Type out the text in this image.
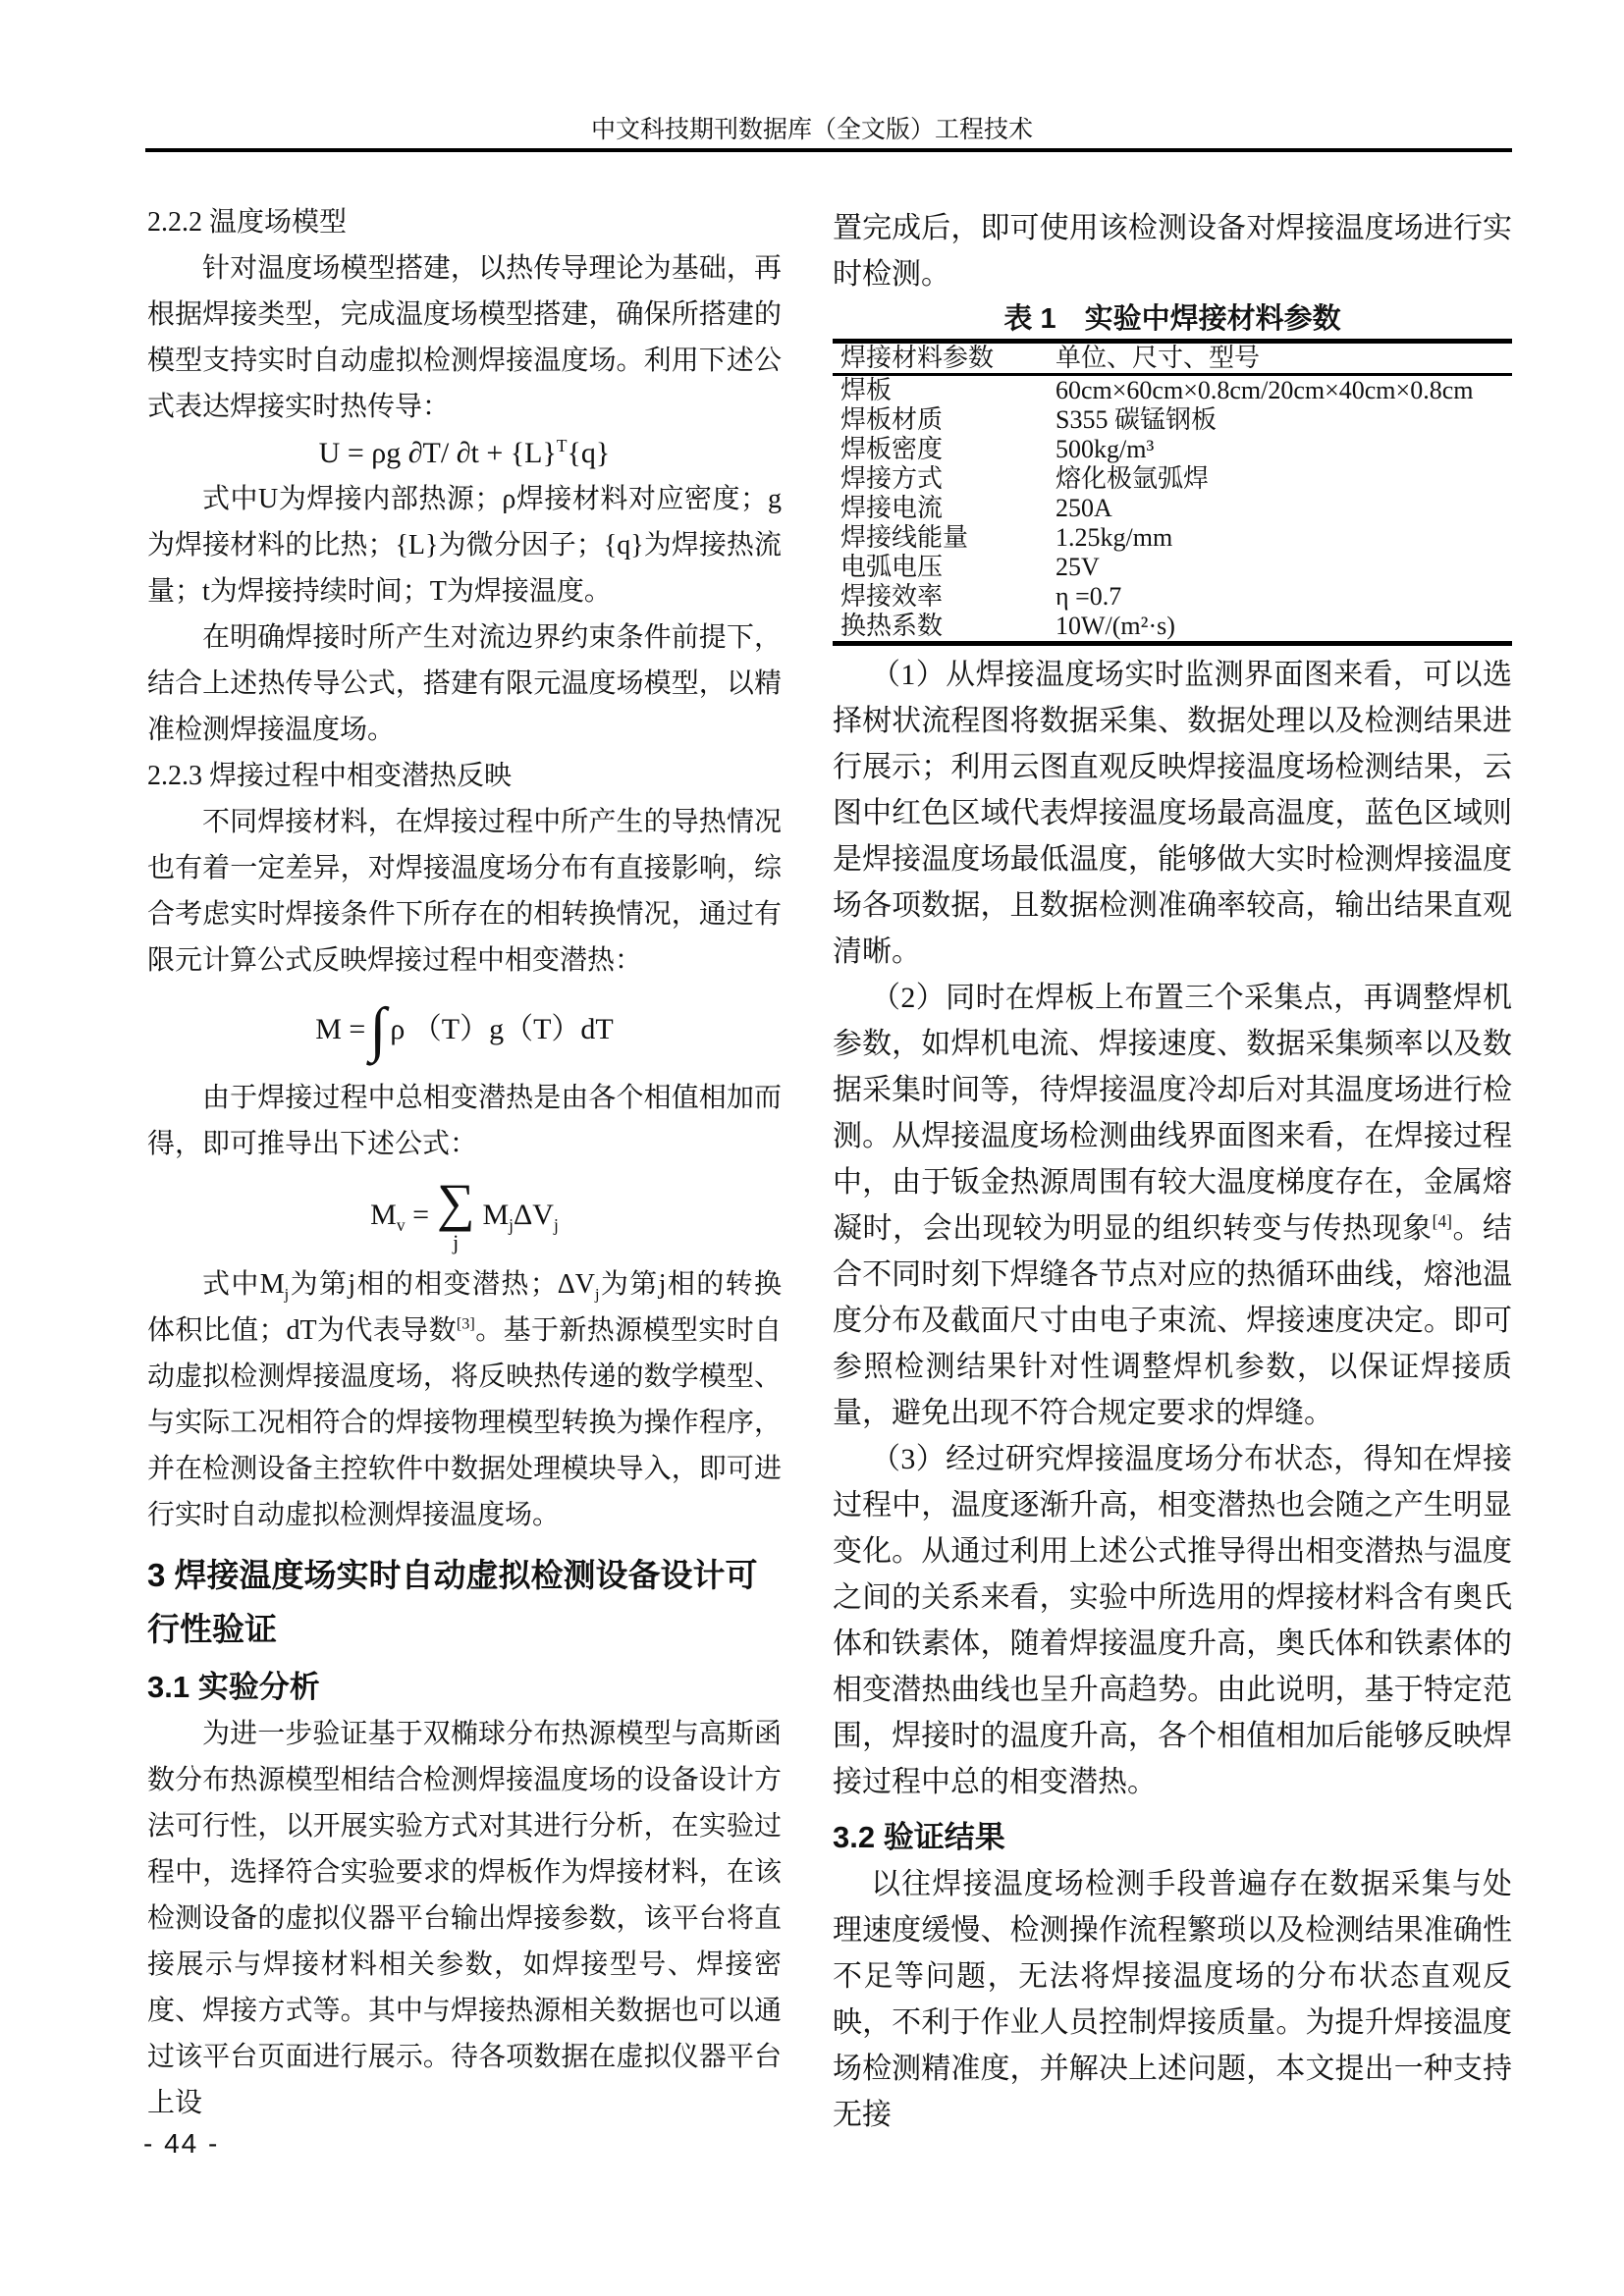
中文科技期刊数据库（全文版）工程技术
2.2.2 温度场模型

针对温度场模型搭建，以热传导理论为基础，再根据焊接类型，完成温度场模型搭建，确保所搭建的模型支持实时自动虚拟检测焊接温度场。利用下述公式表达焊接实时热传导：

U = ρg ∂T/ $\partial t + \{L\}^T\{q\}$

式中U为焊接内部热源；ρ焊接材料对应密度；g为焊接材料的比热；{L}为微分因子；{q}为焊接热流量；t为焊接持续时间；T为焊接温度。

在明确焊接时所产生对流边界约束条件前提下，结合上述热传导公式，搭建有限元温度场模型，以精准检测焊接温度场。

2.2.3 焊接过程中相变潜热反映

不同焊接材料，在焊接过程中所产生的导热情况也有着一定差异，对焊接温度场分布有直接影响，综合考虑实时焊接条件下所存在的相转换情况，通过有限元计算公式反映焊接过程中相变潜热：

M = ∫ ρ （T）g（T）dT

由于焊接过程中总相变潜热是由各个相值相加而得，即可推导出下述公式：

$M_v$ = ∑
j
$M_j\Delta V_j$

式中$M_j$为第j相的相变潜热；$\Delta V_j$为第j相的转换体积比值；dT为代表导数[3]。基于新热源模型实时自动虚拟检测焊接温度场，将反映热传递的数学模型、与实际工况相符合的焊接物理模型转换为操作程序，并在检测设备主控软件中数据处理模块导入，即可进行实时自动虚拟检测焊接温度场。

3 焊接温度场实时自动虚拟检测设备设计可行性验证
3.1 实验分析

为进一步验证基于双椭球分布热源模型与高斯函数分布热源模型相结合检测焊接温度场的设备设计方法可行性，以开展实验方式对其进行分析，在实验过程中，选择符合实验要求的焊板作为焊接材料，在该检测设备的虚拟仪器平台输出焊接参数，该平台将直接展示与焊接材料相关参数，如焊接型号、焊接密度、焊接方式等。其中与焊接热源相关数据也可以通过该平台页面进行展示。待各项数据在虚拟仪器平台上设

置完成后，即可使用该检测设备对焊接温度场进行实时检测。

表 1　实验中焊接材料参数
焊接材料参数	单位、尺寸、型号
焊板	60cm×60cm×0.8cm/20cm×40cm×0.8cm
焊板材质	S355 碳锰钢板
焊板密度	500kg/m³
焊接方式	熔化极氩弧焊
焊接电流	250A
焊接线能量	1.25kg/mm
电弧电压	25V
焊接效率	η =0.7
换热系数	10W/(m²·s)

（1）从焊接温度场实时监测界面图来看，可以选择树状流程图将数据采集、数据处理以及检测结果进行展示；利用云图直观反映焊接温度场检测结果，云图中红色区域代表焊接温度场最高温度，蓝色区域则是焊接温度场最低温度，能够做大实时检测焊接温度场各项数据，且数据检测准确率较高，输出结果直观清晰。

（2）同时在焊板上布置三个采集点，再调整焊机参数，如焊机电流、焊接速度、数据采集频率以及数据采集时间等，待焊接温度冷却后对其温度场进行检测。从焊接温度场检测曲线界面图来看，在焊接过程中，由于钣金热源周围有较大温度梯度存在，金属熔凝时，会出现较为明显的组织转变与传热现象[4]。结合不同时刻下焊缝各节点对应的热循环曲线，熔池温度分布及截面尺寸由电子束流、焊接速度决定。即可参照检测结果针对性调整焊机参数，以保证焊接质量，避免出现不符合规定要求的焊缝。

（3）经过研究焊接温度场分布状态，得知在焊接过程中，温度逐渐升高，相变潜热也会随之产生明显变化。从通过利用上述公式推导得出相变潜热与温度之间的关系来看，实验中所选用的焊接材料含有奥氏体和铁素体，随着焊接温度升高，奥氏体和铁素体的相变潜热曲线也呈升高趋势。由此说明，基于特定范围，焊接时的温度升高，各个相值相加后能够反映焊接过程中总的相变潜热。

3.2 验证结果

以往焊接温度场检测手段普遍存在数据采集与处理速度缓慢、检测操作流程繁琐以及检测结果准确性不足等问题，无法将焊接温度场的分布状态直观反映，不利于作业人员控制焊接质量。为提升焊接温度场检测精准度，并解决上述问题，本文提出一种支持无接

- 44 -
